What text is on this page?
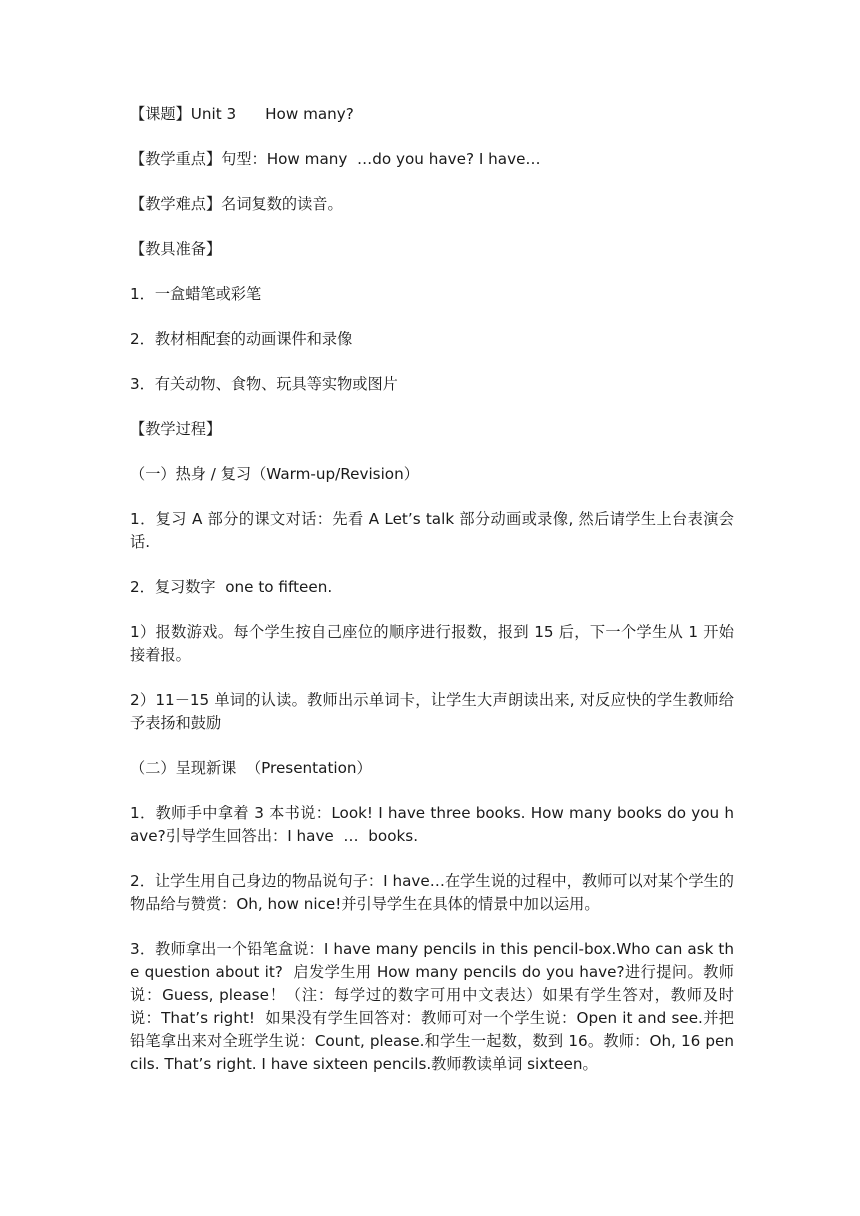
【课题】Unit 3      How many?

【教学重点】句型：How many  …do you have? I have…

【教学难点】名词复数的读音。

【教具准备】

1．一盒蜡笔或彩笔

2．教材相配套的动画课件和录像

3．有关动物、食物、玩具等实物或图片

【教学过程】

（一）热身 / 复习（Warm-up/Revision）

1．复习 A 部分的课文对话：先看 A Let’s talk 部分动画或录像, 然后请学生上台表演会话.

2．复习数字  one to fifteen.

1）报数游戏。每个学生按自己座位的顺序进行报数，报到 15 后，下一个学生从 1 开始接着报。

2）11－15 单词的认读。教师出示单词卡，让学生大声朗读出来, 对反应快的学生教师给予表扬和鼓励

（二）呈现新课  （Presentation）

1．教师手中拿着 3 本书说：Look! I have three books. How many books do you have?引导学生回答出：I have  …  books.

2．让学生用自己身边的物品说句子：I have…在学生说的过程中，教师可以对某个学生的物品给与赞赏：Oh, how nice!并引导学生在具体的情景中加以运用。

3．教师拿出一个铅笔盒说：I have many pencils in this pencil-box.Who can ask the question about it?  启发学生用 How many pencils do you have?进行提问。教师说：Guess, please！（注：每学过的数字可用中文表达）如果有学生答对，教师及时说：That’s right!  如果没有学生回答对：教师可对一个学生说：Open it and see.并把铅笔拿出来对全班学生说：Count, please.和学生一起数，数到 16。教师：Oh, 16 pencils. That’s right. I have sixteen pencils.教师教读单词 sixteen。
